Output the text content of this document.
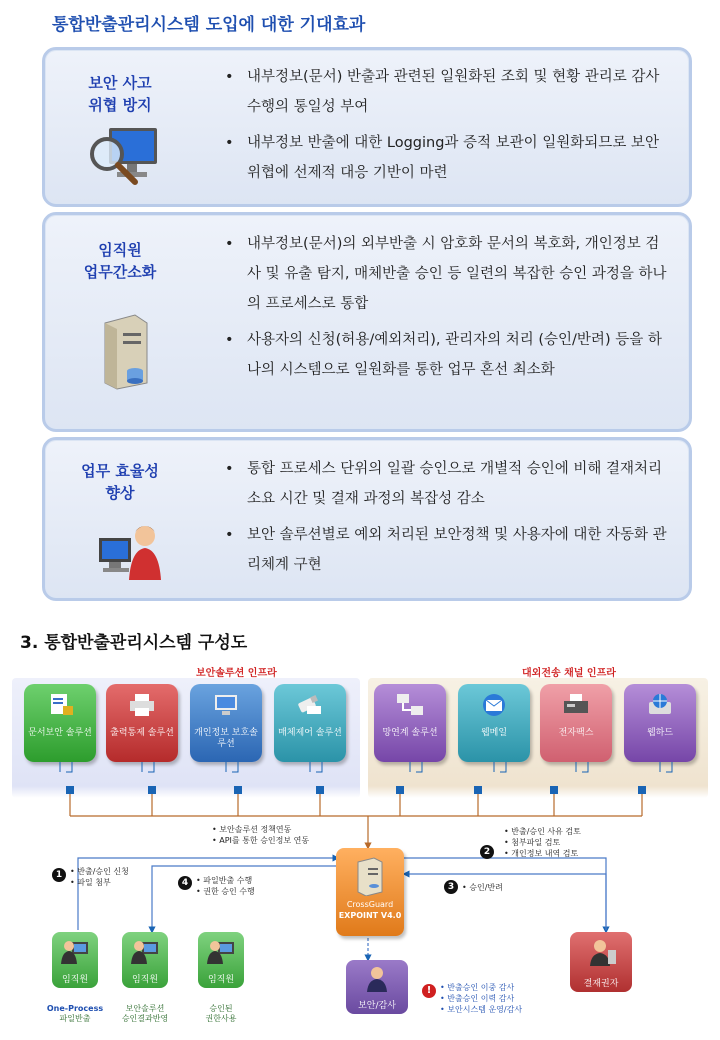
통합반출관리시스템 도입에 대한 기대효과
보안 사고
위협 방지
• 내부정보(문서) 반출과 관련된 일원화된 조회 및 현황 관리로 감사 수행의 통일성 부여
• 내부정보 반출에 대한 Logging과 증적 보관이 일원화되므로 보안위협에 선제적 대응 기반이 마련
임직원
업무간소화
• 내부정보(문서)의 외부반출 시 암호화 문서의 복호화, 개인정보 검사 및 유출 탐지, 매체반출 승인 등 일련의 복잡한 승인 과정을 하나의 프로세스로 통합
• 사용자의 신청(허용/예외처리), 관리자의 처리 (승인/반려) 등을 하나의 시스템으로 일원화를 통한 업무 혼선 최소화
업무 효율성
향상
• 통합 프로세스 단위의 일괄 승인으로 개별적 승인에 비해 결재처리 소요 시간 및 결재 과정의 복잡성 감소
• 보안 솔루션별로 예외 처리된 보안정책 및 사용자에 대한 자동화 관리체계 구현
3. 통합반출관리시스템 구성도
보안솔루션 인프라	대외전송 채널 인프라
문서보안 솔루션	출력통제 솔루션	개인정보 보호솔루션
매체제어 솔루션	망연계 솔루션	웹메일	전자팩스	웹하드
• 보안솔루션 정책연동
• API를 통한 승인정보 연동
2
• 반출/승인 사유 검토
• 첨부파일 검토
• 개인정보 내역 검토
1 • 반출/승인 신청
• 파일 첨부	4 • 파일반출 수행
• 권한 승인 수행	3 • 승인/반려
CrossGuard
EXPOINT V4.0
임직원
One-Process
파일반출
임직원
보안솔루션
승인결과반영
임직원
승인된
권한사용
보안/감사
!	• 반출승인 이중 감사
• 반출승인 이력 감사
• 보안시스템 운영/감사
결재권자
